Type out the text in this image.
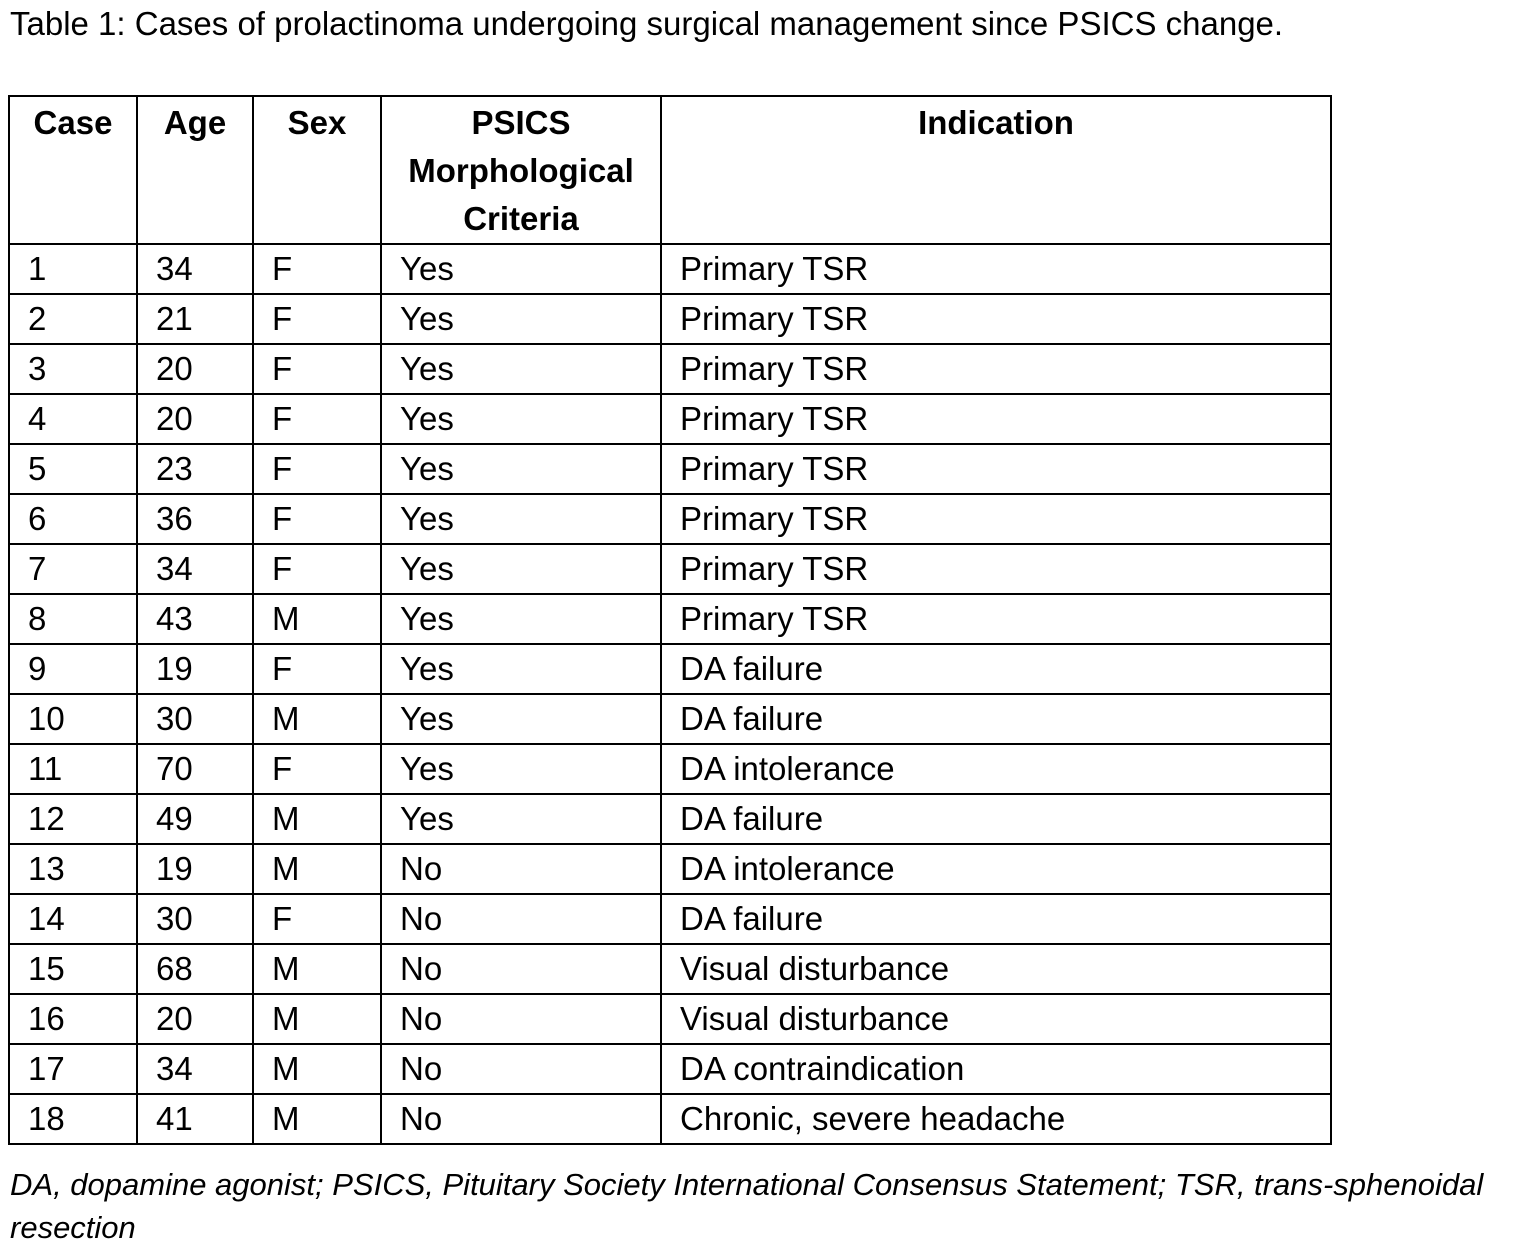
Table 1: Cases of prolactinoma undergoing surgical management since PSICS change.
Case	Age	Sex	PSICS
Morphological
Criteria	Indication
1	34	F	Yes	Primary TSR
2	21	F	Yes	Primary TSR
3	20	F	Yes	Primary TSR
4	20	F	Yes	Primary TSR
5	23	F	Yes	Primary TSR
6	36	F	Yes	Primary TSR
7	34	F	Yes	Primary TSR
8	43	M	Yes	Primary TSR
9	19	F	Yes	DA failure
10	30	M	Yes	DA failure
11	70	F	Yes	DA intolerance
12	49	M	Yes	DA failure
13	19	M	No	DA intolerance
14	30	F	No	DA failure
15	68	M	No	Visual disturbance
16	20	M	No	Visual disturbance
17	34	M	No	DA contraindication
18	41	M	No	Chronic, severe headache
DA, dopamine agonist; PSICS, Pituitary Society International Consensus Statement; TSR, trans-sphenoidal resection
